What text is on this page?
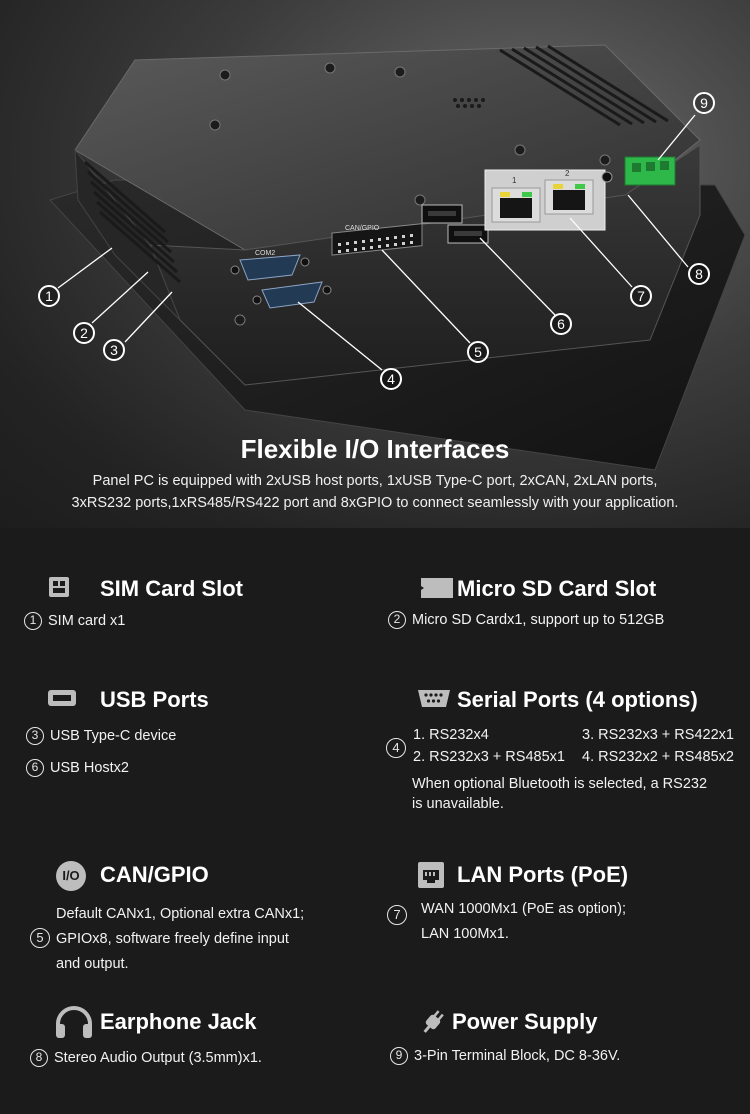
CAN/GPIO
COM2
1
2
1
2
3
4
5
6
7
8
9
Flexible I/O Interfaces
Panel PC is equipped with 2xUSB host ports, 1xUSB Type-C port, 2xCAN, 2xLAN ports,
3xRS232 ports,1xRS485/RS422 port and 8xGPIO to connect seamlessly with your application.
SIM Card Slot
1 SIM card x1
Micro SD Card Slot
2 Micro SD Cardx1, support up to 512GB
USB Ports
3 USB Type-C device
6 USB Hostx2
Serial Ports (4 options)
4
1. RS232x4	3. RS232x3 + RS422x1
2. RS232x3 + RS485x1 4. RS232x2 + RS485x2
When optional Bluetooth is selected, a RS232
is unavailable.
I/O CAN/GPIO
5
Default CANx1, Optional extra CANx1;
GPIOx8, software freely define input
and output.
LAN Ports (PoE)
7	WAN 1000Mx1 (PoE as option);
LAN 100Mx1.
Earphone Jack
8 Stereo Audio Output (3.5mm)x1.
Power Supply
9 3-Pin Terminal Block, DC 8-36V.
